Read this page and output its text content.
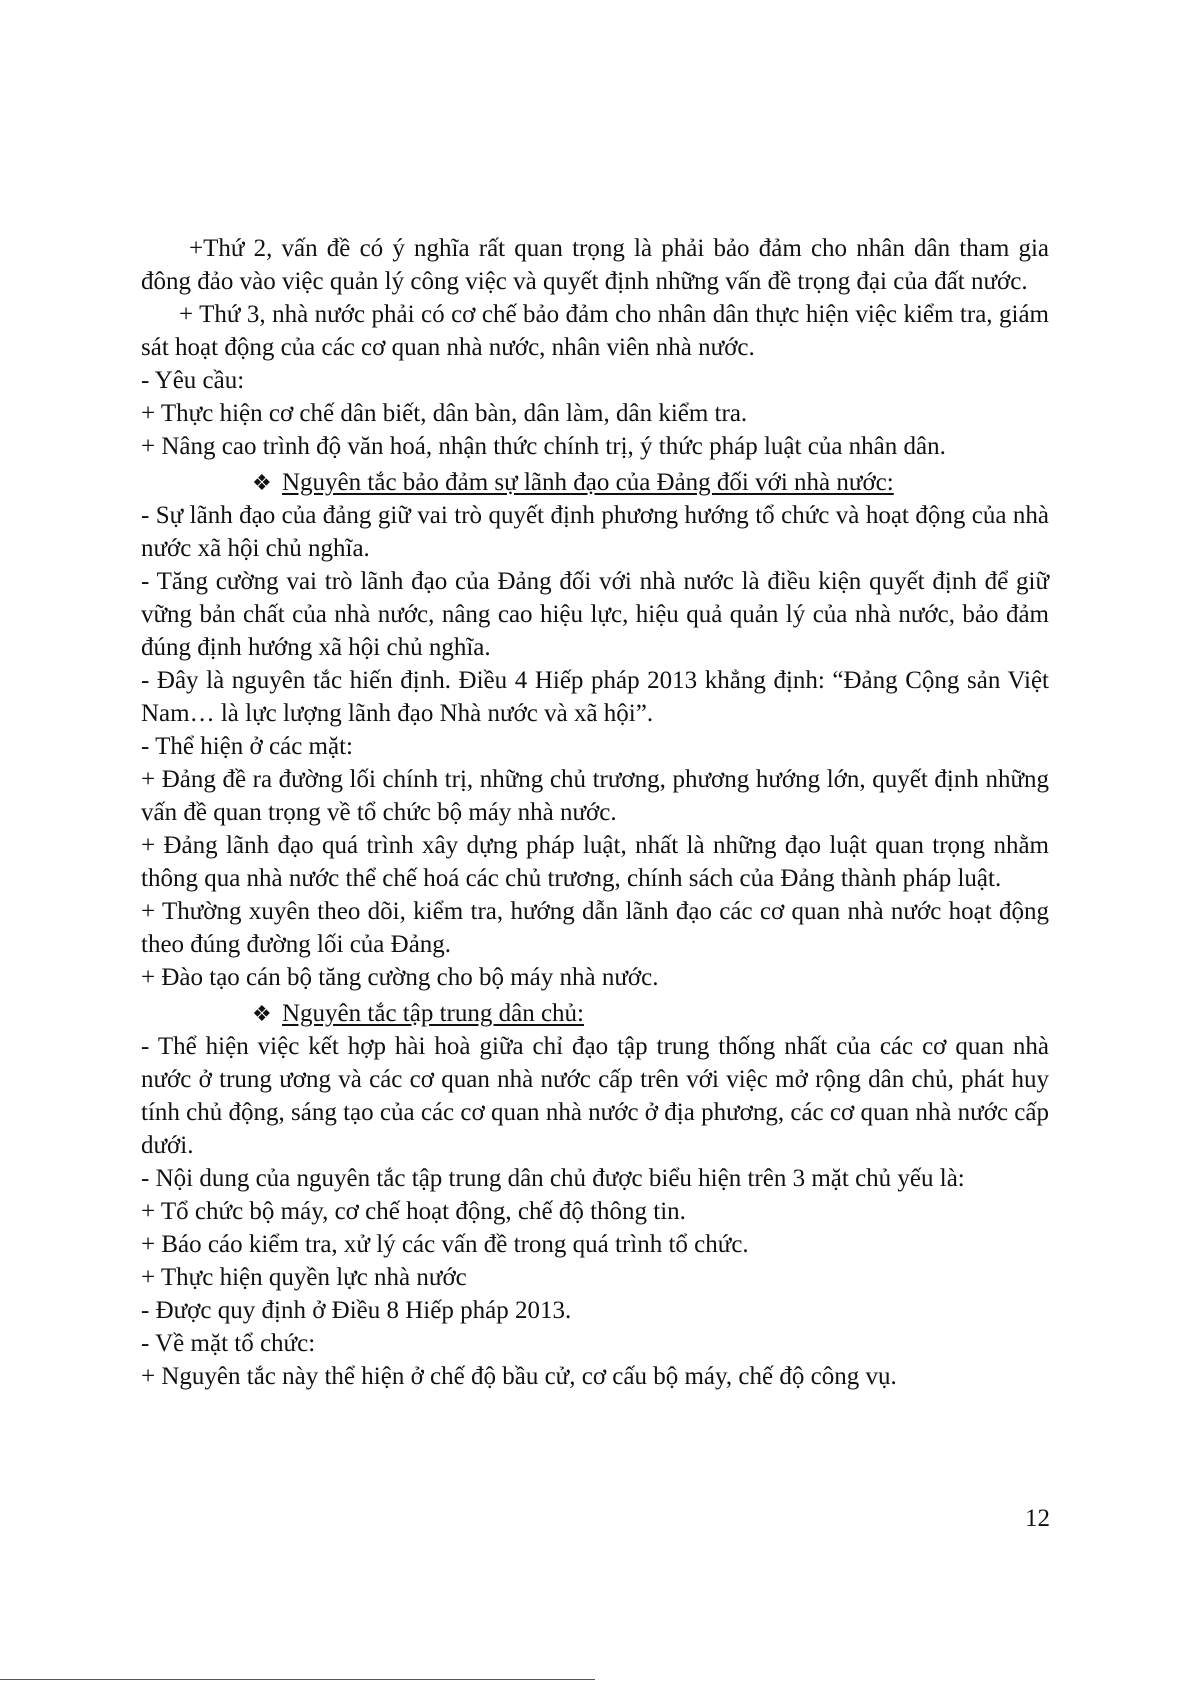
+Thứ 2, vấn đề có ý nghĩa rất quan trọng là phải bảo đảm cho nhân dân tham gia đông đảo vào việc quản lý công việc và quyết định những vấn đề trọng đại của đất nước.

+ Thứ 3, nhà nước phải có cơ chế bảo đảm cho nhân dân thực hiện việc kiểm tra, giám sát hoạt động của các cơ quan nhà nước, nhân viên nhà nước.

- Yêu cầu:

+ Thực hiện cơ chế dân biết, dân bàn, dân làm, dân kiểm tra.

+ Nâng cao trình độ văn hoá, nhận thức chính trị, ý thức pháp luật của nhân dân.

❖ Nguyên tắc bảo đảm sự lãnh đạo của Đảng đối với nhà nước:

- Sự lãnh đạo của đảng giữ vai trò quyết định phương hướng tổ chức và hoạt động của nhà nước xã hội chủ nghĩa.

- Tăng cường vai trò lãnh đạo của Đảng đối với nhà nước là điều kiện quyết định để giữ vững bản chất của nhà nước, nâng cao hiệu lực, hiệu quả quản lý của nhà nước, bảo đảm đúng định hướng xã hội chủ nghĩa.

- Đây là nguyên tắc hiến định. Điều 4 Hiếp pháp 2013 khẳng định: “Đảng Cộng sản Việt Nam… là lực lượng lãnh đạo Nhà nước và xã hội”.

- Thể hiện ở các mặt:

+ Đảng đề ra đường lối chính trị, những chủ trương, phương hướng lớn, quyết định những vấn đề quan trọng về tổ chức bộ máy nhà nước.

+ Đảng lãnh đạo quá trình xây dựng pháp luật, nhất là những đạo luật quan trọng nhằm thông qua nhà nước thể chế hoá các chủ trương, chính sách của Đảng thành pháp luật.

+ Thường xuyên theo dõi, kiểm tra, hướng dẫn lãnh đạo các cơ quan nhà nước hoạt động theo đúng đường lối của Đảng.

+ Đào tạo cán bộ tăng cường cho bộ máy nhà nước.

❖ Nguyên tắc tập trung dân chủ:

- Thể hiện việc kết hợp hài hoà giữa chỉ đạo tập trung thống nhất của các cơ quan nhà nước ở trung ương và các cơ quan nhà nước cấp trên với việc mở rộng dân chủ, phát huy tính chủ động, sáng tạo của các cơ quan nhà nước ở địa phương, các cơ quan nhà nước cấp dưới.

- Nội dung của nguyên tắc tập trung dân chủ được biểu hiện trên 3 mặt chủ yếu là:

+ Tổ chức bộ máy, cơ chế hoạt động, chế độ thông tin.

+ Báo cáo kiểm tra, xử lý các vấn đề trong quá trình tổ chức.

+ Thực hiện quyền lực nhà nước

- Được quy định ở Điều 8 Hiếp pháp 2013.

- Về mặt tổ chức:

+ Nguyên tắc này thể hiện ở chế độ bầu cử, cơ cấu bộ máy, chế độ công vụ.

12
